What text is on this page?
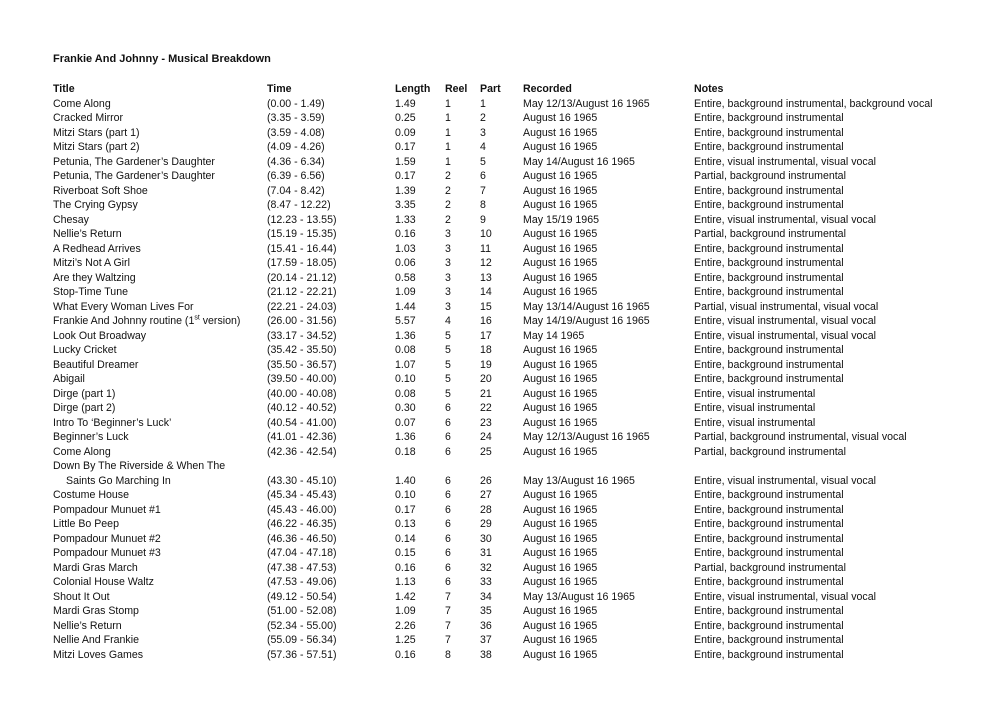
Frankie And Johnny - Musical Breakdown
Title	Time	Length	Reel	Part	Recorded	Notes
Come Along	(0.00 - 1.49)	1.49	1	1	May 12/13/August 16 1965	Entire, background instrumental, background vocal
Cracked Mirror	(3.35 - 3.59)	0.25	1	2	August 16 1965	Entire, background instrumental
Mitzi Stars (part 1)	(3.59 - 4.08)	0.09	1	3	August 16 1965	Entire, background instrumental
Mitzi Stars (part 2)	(4.09 - 4.26)	0.17	1	4	August 16 1965	Entire, background instrumental
Petunia, The Gardener’s Daughter	(4.36 - 6.34)	1.59	1	5	May 14/August 16 1965	Entire, visual instrumental, visual vocal
Petunia, The Gardener’s Daughter	(6.39 - 6.56)	0.17	2	6	August 16 1965	Partial, background instrumental
Riverboat Soft Shoe	(7.04 - 8.42)	1.39	2	7	August 16 1965	Entire, background instrumental
The Crying Gypsy	(8.47 - 12.22)	3.35	2	8	August 16 1965	Entire, background instrumental
Chesay	(12.23 - 13.55)	1.33	2	9	May 15/19 1965	Entire, visual instrumental, visual vocal
Nellie’s Return	(15.19 - 15.35)	0.16	3	10	August 16 1965	Partial, background instrumental
A Redhead Arrives	(15.41 - 16.44)	1.03	3	11	August 16 1965	Entire, background instrumental
Mitzi’s Not A Girl	(17.59 - 18.05)	0.06	3	12	August 16 1965	Entire, background instrumental
Are they Waltzing	(20.14 - 21.12)	0.58	3	13	August 16 1965	Entire, background instrumental
Stop-Time Tune	(21.12 - 22.21)	1.09	3	14	August 16 1965	Entire, background instrumental
What Every Woman Lives For	(22.21 - 24.03)	1.44	3	15	May 13/14/August 16 1965	Partial, visual instrumental, visual vocal
Frankie And Johnny routine (1st version)	(26.00 - 31.56)	5.57	4	16	May 14/19/August 16 1965	Entire, visual instrumental, visual vocal
Look Out Broadway	(33.17 - 34.52)	1.36	5	17	May 14 1965	Entire, visual instrumental, visual vocal
Lucky Cricket	(35.42 - 35.50)	0.08	5	18	August 16 1965	Entire, background instrumental
Beautiful Dreamer	(35.50 - 36.57)	1.07	5	19	August 16 1965	Entire, background instrumental
Abigail	(39.50 - 40.00)	0.10	5	20	August 16 1965	Entire, background instrumental
Dirge (part 1)	(40.00 - 40.08)	0.08	5	21	August 16 1965	Entire, visual instrumental
Dirge (part 2)	(40.12 - 40.52)	0.30	6	22	August 16 1965	Entire, visual instrumental
Intro To ‘Beginner’s Luck’	(40.54 - 41.00)	0.07	6	23	August 16 1965	Entire, visual instrumental
Beginner’s Luck	(41.01 - 42.36)	1.36	6	24	May 12/13/August 16 1965	Partial, background instrumental, visual vocal
Come Along	(42.36 - 42.54)	0.18	6	25	August 16 1965	Partial, background instrumental
Down By The Riverside & When The						
Saints Go Marching In	(43.30 - 45.10)	1.40	6	26	May 13/August 16 1965	Entire, visual instrumental, visual vocal
Costume House	(45.34 - 45.43)	0.10	6	27	August 16 1965	Entire, background instrumental
Pompadour Munuet #1	(45.43 - 46.00)	0.17	6	28	August 16 1965	Entire, background instrumental
Little Bo Peep	(46.22 - 46.35)	0.13	6	29	August 16 1965	Entire, background instrumental
Pompadour Munuet #2	(46.36 - 46.50)	0.14	6	30	August 16 1965	Entire, background instrumental
Pompadour Munuet #3	(47.04 - 47.18)	0.15	6	31	August 16 1965	Entire, background instrumental
Mardi Gras March	(47.38 - 47.53)	0.16	6	32	August 16 1965	Partial, background instrumental
Colonial House Waltz	(47.53 - 49.06)	1.13	6	33	August 16 1965	Entire, background instrumental
Shout It Out	(49.12 - 50.54)	1.42	7	34	May 13/August 16 1965	Entire, visual instrumental, visual vocal
Mardi Gras Stomp	(51.00 - 52.08)	1.09	7	35	August 16 1965	Entire, background instrumental
Nellie’s Return	(52.34 - 55.00)	2.26	7	36	August 16 1965	Entire, background instrumental
Nellie And Frankie	(55.09 - 56.34)	1.25	7	37	August 16 1965	Entire, background instrumental
Mitzi Loves Games	(57.36 - 57.51)	0.16	8	38	August 16 1965	Entire, background instrumental
